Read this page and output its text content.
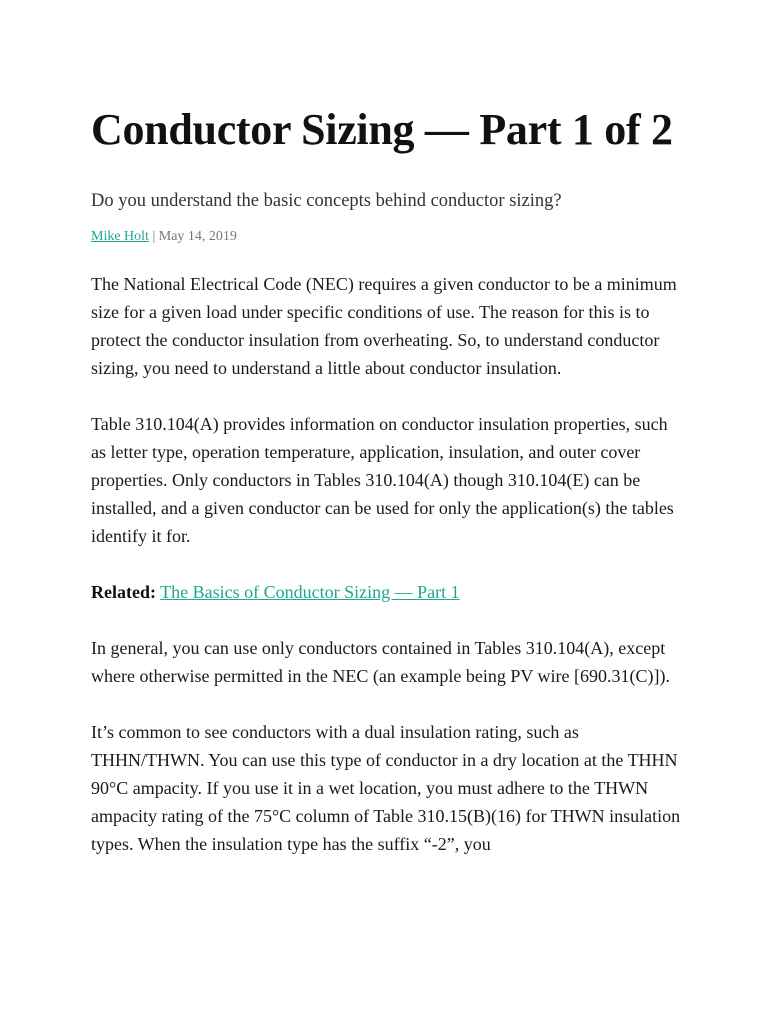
Conductor Sizing — Part 1 of 2

Do you understand the basic concepts behind conductor sizing?

Mike Holt | May 14, 2019

The National Electrical Code (NEC) requires a given conductor to be a minimum size for a given load under specific conditions of use. The reason for this is to protect the conductor insulation from overheating. So, to understand conductor sizing, you need to understand a little about conductor insulation.

Table 310.104(A) provides information on conductor insulation properties, such as letter type, operation temperature, application, insulation, and outer cover properties. Only conductors in Tables 310.104(A) though 310.104(E) can be installed, and a given conductor can be used for only the application(s) the tables identify it for.

Related: The Basics of Conductor Sizing — Part 1

In general, you can use only conductors contained in Tables 310.104(A), except where otherwise permitted in the NEC (an example being PV wire [690.31(C)]).

It’s common to see conductors with a dual insulation rating, such as THHN/THWN. You can use this type of conductor in a dry location at the THHN 90°C ampacity. If you use it in a wet location, you must adhere to the THWN ampacity rating of the 75°C column of Table 310.15(B)(16) for THWN insulation types. When the insulation type has the suffix “-2”, you
